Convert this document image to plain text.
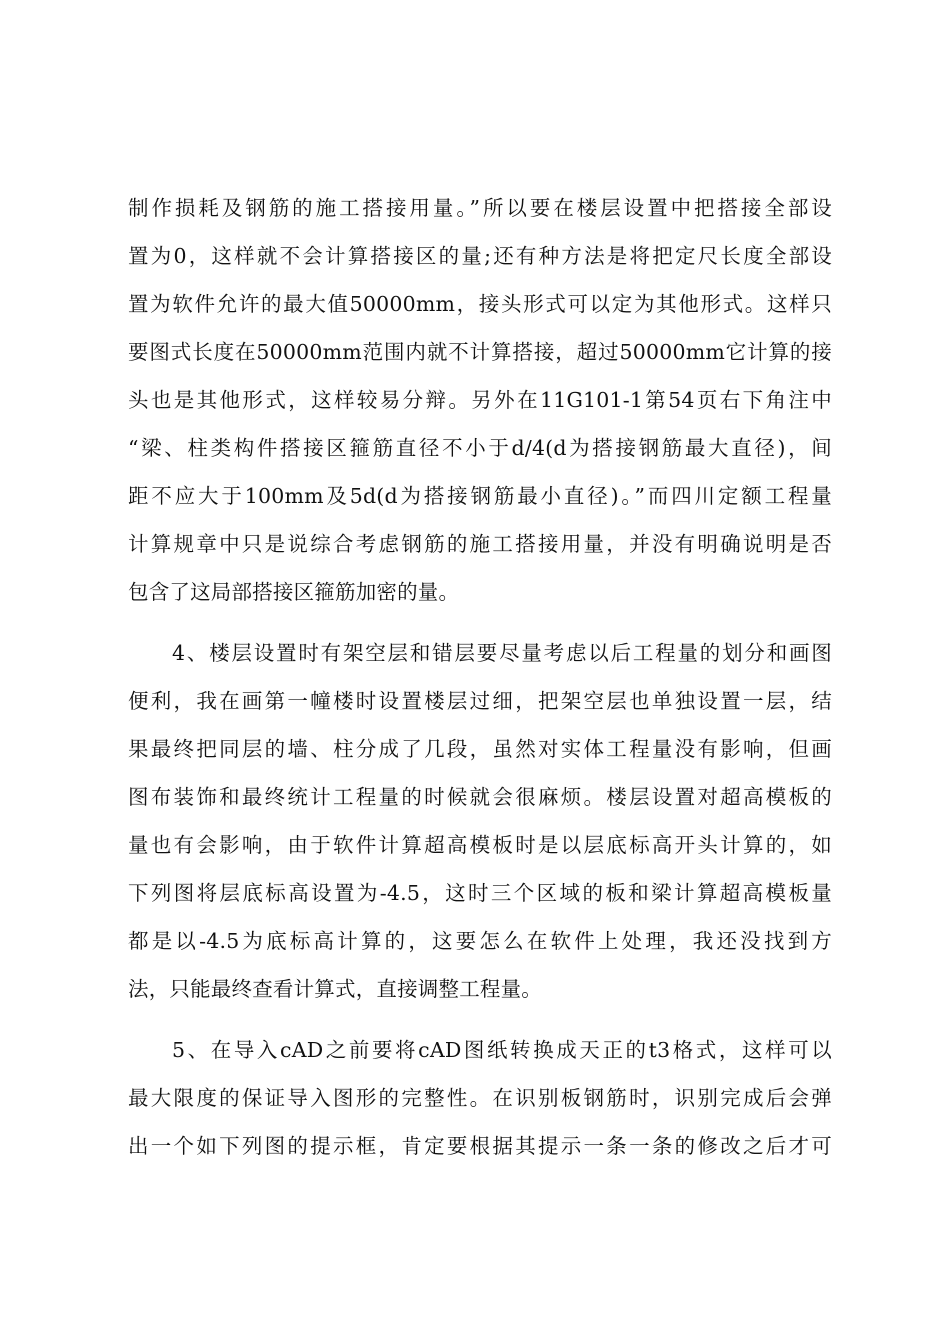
制作损耗及钢筋的施工搭接用量。”所以要在楼层设置中把搭接全部设
置为0，这样就不会计算搭接区的量;还有种方法是将把定尺长度全部设
置为软件允许的最大值50000mm，接头形式可以定为其他形式。这样只
要图式长度在50000mm范围内就不计算搭接，超过50000mm它计算的接
头也是其他形式，这样较易分辩。另外在11G101-1第54页右下角注中
“梁、柱类构件搭接区箍筋直径不小于d/4(d为搭接钢筋最大直径)，间
距不应大于100mm及5d(d为搭接钢筋最小直径)。”而四川定额工程量
计算规章中只是说综合考虑钢筋的施工搭接用量，并没有明确说明是否
包含了这局部搭接区箍筋加密的量。
4、楼层设置时有架空层和错层要尽量考虑以后工程量的划分和画图
便利，我在画第一幢楼时设置楼层过细，把架空层也单独设置一层，结
果最终把同层的墙、柱分成了几段，虽然对实体工程量没有影响，但画
图布装饰和最终统计工程量的时候就会很麻烦。楼层设置对超高模板的
量也有会影响，由于软件计算超高模板时是以层底标高开头计算的，如
下列图将层底标高设置为-4.5，这时三个区域的板和梁计算超高模板量
都是以-4.5为底标高计算的，这要怎么在软件上处理，我还没找到方
法，只能最终查看计算式，直接调整工程量。
5、在导入cAD之前要将cAD图纸转换成天正的t3格式，这样可以
最大限度的保证导入图形的完整性。在识别板钢筋时，识别完成后会弹
出一个如下列图的提示框，肯定要根据其提示一条一条的修改之后才可
